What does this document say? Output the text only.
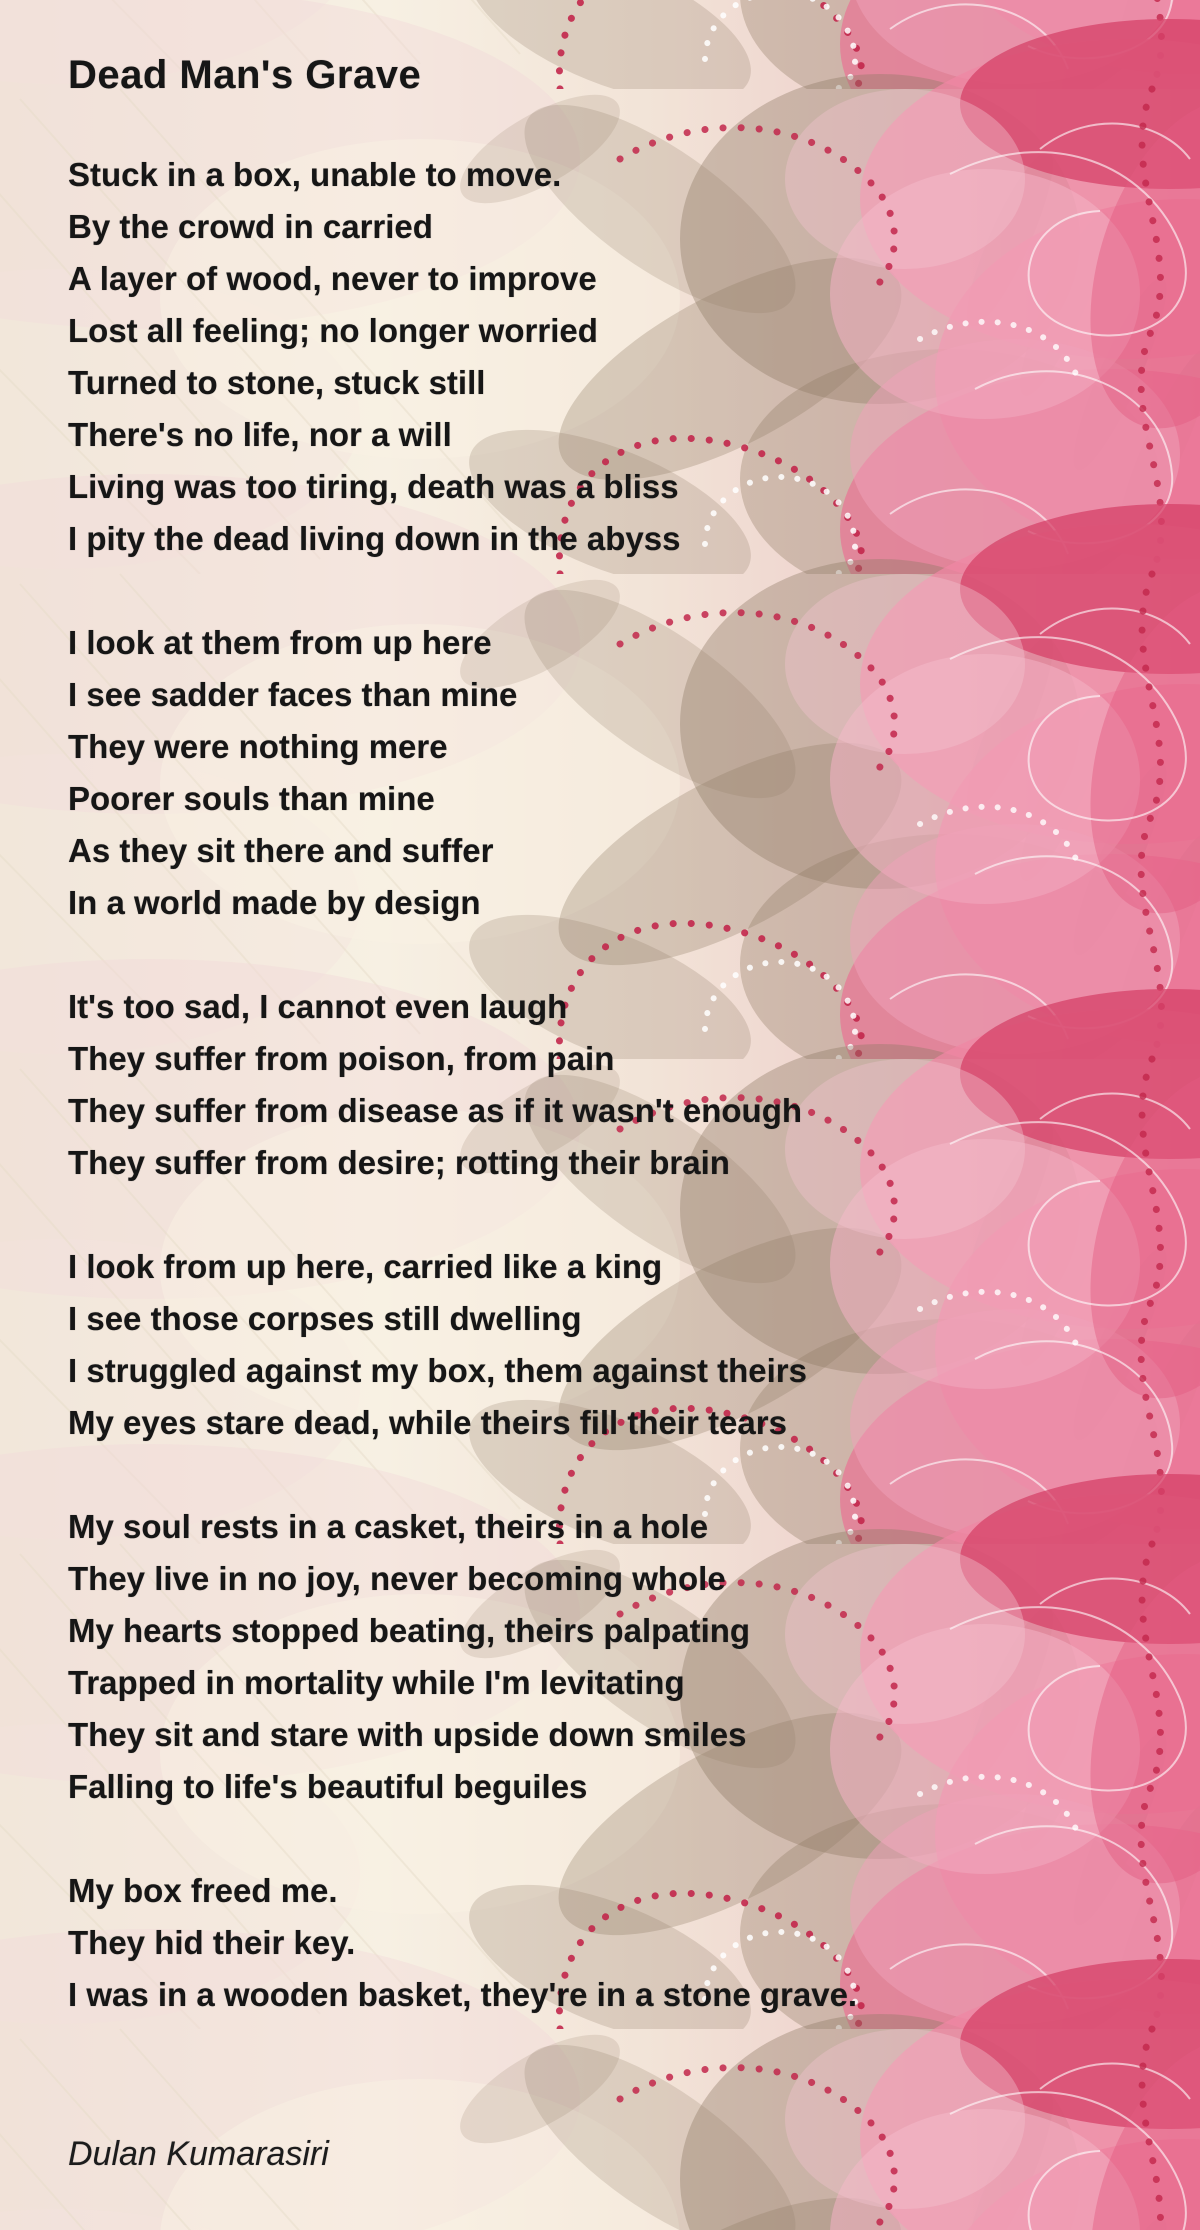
Dead Man's Grave
Stuck in a box, unable to move.
By the crowd in carried
A layer of wood, never to improve
Lost all feeling; no longer worried
Turned to stone, stuck still
There's no life, nor a will
Living was too tiring, death was a bliss
I pity the dead living down in the abyss
I look at them from up here
I see sadder faces than mine
They were nothing mere
Poorer souls than mine
As they sit there and suffer
In a world made by design
It's too sad, I cannot even laugh
They suffer from poison, from pain
They suffer from disease as if it wasn't enough
They suffer from desire; rotting their brain
I look from up here, carried like a king
I see those corpses still dwelling
I struggled against my box, them against theirs
My eyes stare dead, while theirs fill their tears
My soul rests in a casket, theirs in a hole
They live in no joy, never becoming whole
My hearts stopped beating, theirs palpating
Trapped in mortality while I'm levitating
They sit and stare with upside down smiles
Falling to life's beautiful beguiles
My box freed me.
They hid their key.
I was in a wooden basket, they're in a stone grave.
Dulan Kumarasiri
